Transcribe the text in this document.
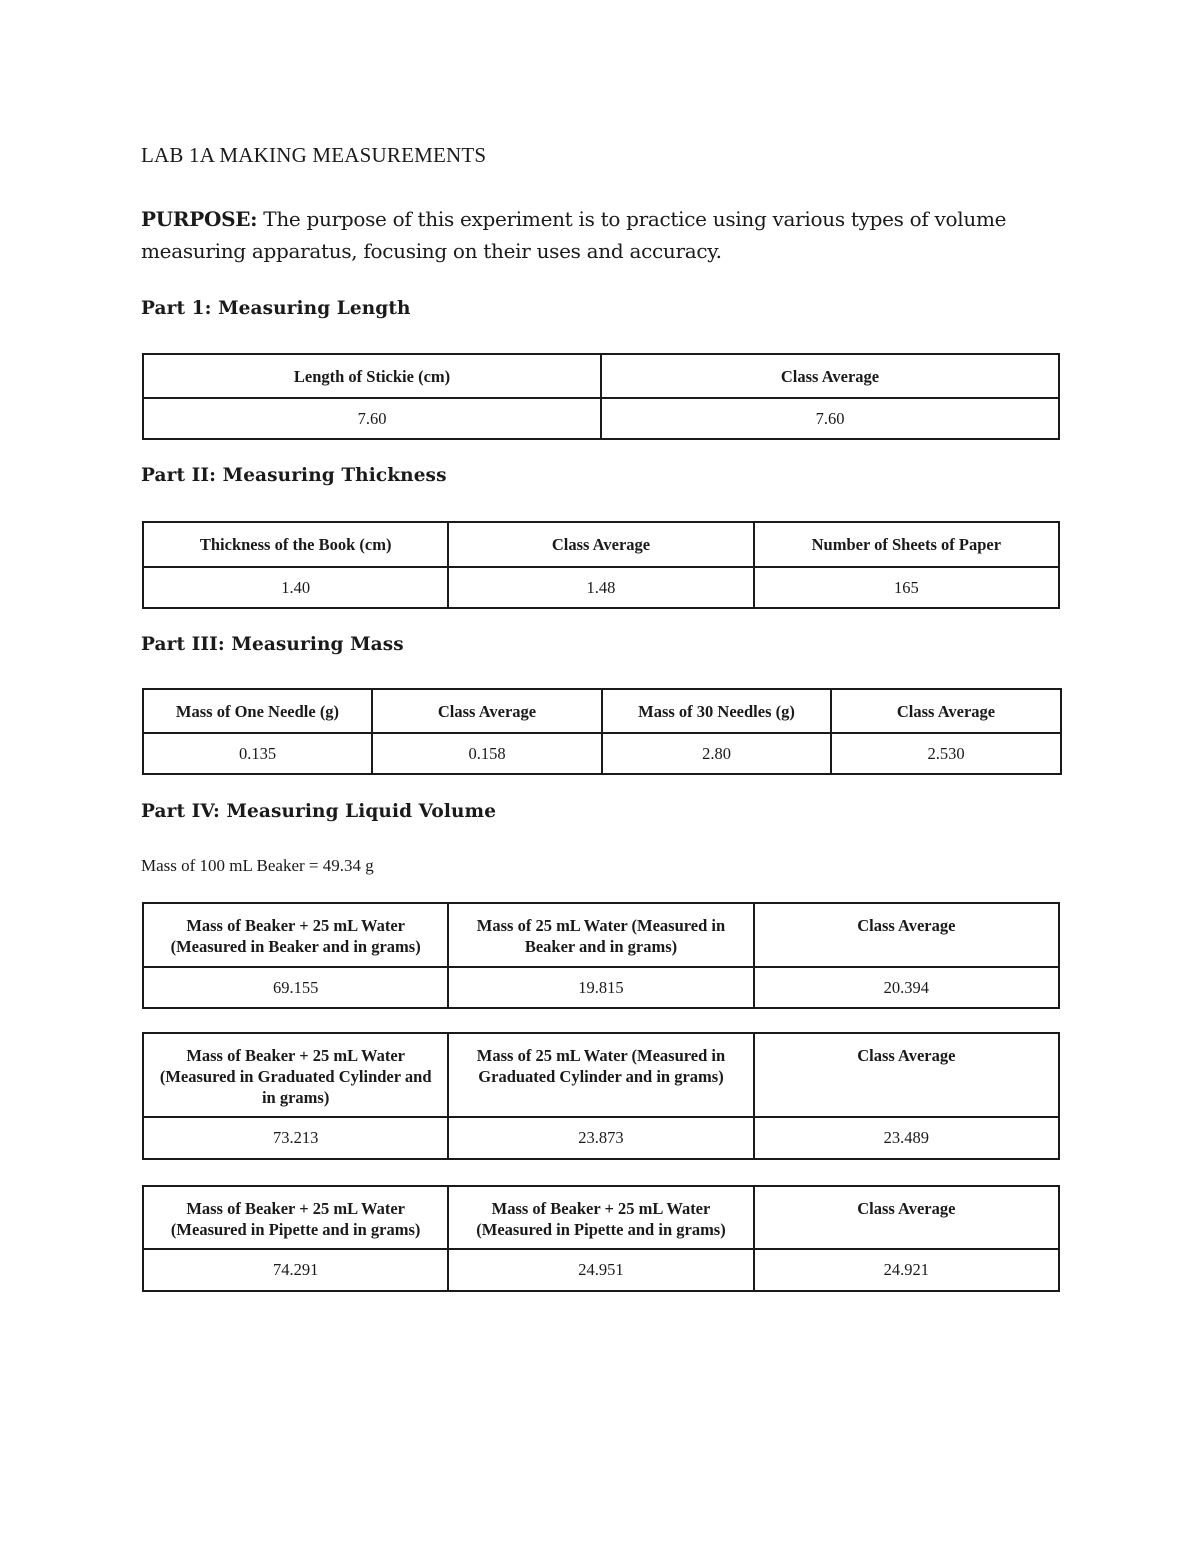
LAB 1A MAKING MEASUREMENTS
PURPOSE: The purpose of this experiment is to practice using various types of volume measuring apparatus, focusing on their uses and accuracy.
Part 1: Measuring Length
Length of Stickie (cm)	Class Average
7.60	7.60
Part II: Measuring Thickness
Thickness of the Book (cm)	Class Average	Number of Sheets of Paper
1.40	1.48	165
Part III: Measuring Mass
Mass of One Needle (g)	Class Average	Mass of 30 Needles (g)	Class Average
0.135	0.158	2.80	2.530
Part IV: Measuring Liquid Volume
Mass of 100 mL Beaker = 49.34 g
Mass of Beaker + 25 mL Water (Measured in Beaker and in grams)	Mass of 25 mL Water (Measured in Beaker and in grams)	Class Average
69.155	19.815	20.394
Mass of Beaker + 25 mL Water (Measured in Graduated Cylinder and in grams)	Mass of 25 mL Water (Measured in Graduated Cylinder and in grams)	Class Average
73.213	23.873	23.489
Mass of Beaker + 25 mL Water (Measured in Pipette and in grams)	Mass of Beaker + 25 mL Water (Measured in Pipette and in grams)	Class Average
74.291	24.951	24.921
